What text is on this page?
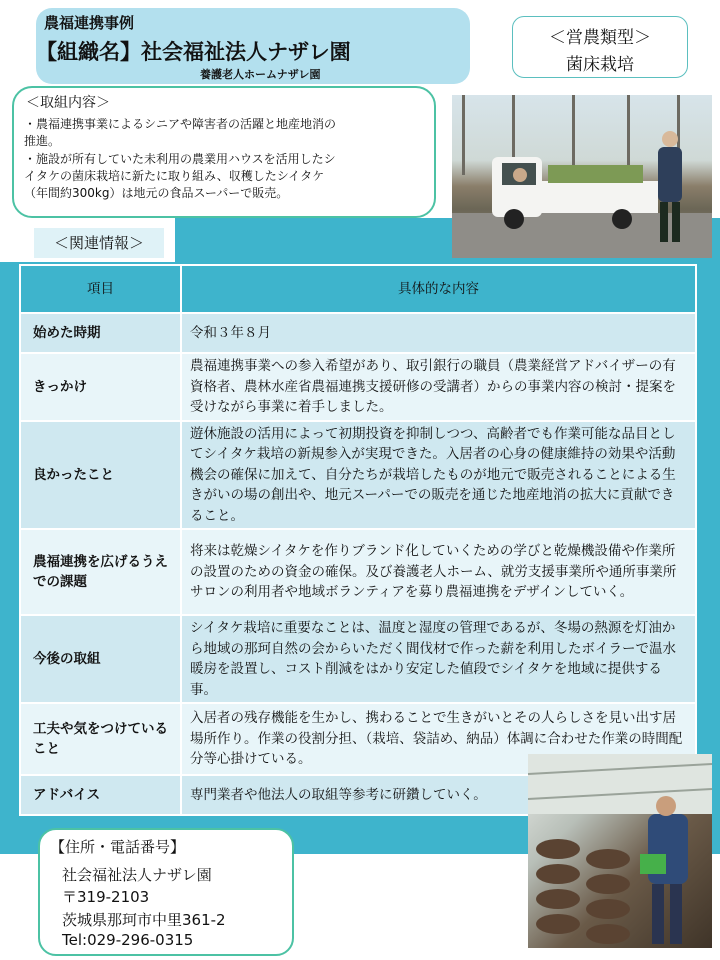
農福連携事例
【組織名】社会福祉法人ナザレ園
養護老人ホームナザレ園
＜営農類型＞
菌床栽培
＜取組内容＞
・農福連携事業によるシニアや障害者の活躍と地産地消の
推進。
・施設が所有していた未利用の農業用ハウスを活用したシ
イタケの菌床栽培に新たに取り組み、収穫したシイタケ
（年間約300kg）は地元の食品スーパーで販売。
＜関連情報＞
項目	具体的な内容
始めた時期	令和３年８月
きっかけ	農福連携事業への参入希望があり、取引銀行の職員（農業経営アドバイザーの有資格者、農林水産省農福連携支援研修の受講者）からの事業内容の検討・提案を受けながら事業に着手しました。
良かったこと	遊休施設の活用によって初期投資を抑制しつつ、高齢者でも作業可能な品目としてシイタケ栽培の新規参入が実現できた。入居者の心身の健康維持の効果や活動機会の確保に加えて、自分たちが栽培したものが地元で販売されることによる生きがいの場の創出や、地元スーパーでの販売を通じた地産地消の拡大に貢献できること。
農福連携を広げるうえでの課題	将来は乾燥シイタケを作りブランド化していくための学びと乾燥機設備や作業所の設置のための資金の確保。及び養護老人ホーム、就労支援事業所や通所事業所サロンの利用者や地域ボランティアを募り農福連携をデザインしていく。
今後の取組	シイタケ栽培に重要なことは、温度と湿度の管理であるが、冬場の熱源を灯油から地域の那珂自然の会からいただく間伐材で作った薪を利用したボイラーで温水暖房を設置し、コスト削減をはかり安定した値段でシイタケを地域に提供する事。
工夫や気をつけていること	入居者の残存機能を生かし、携わることで生きがいとその人らしさを見い出す居場所作り。作業の役割分担、（栽培、袋詰め、納品）体調に合わせた作業の時間配分等心掛けている。
アドバイス	専門業者や他法人の取組等参考に研鑽していく。
【住所・電話番号】
社会福祉法人ナザレ園
〒319-2103
茨城県那珂市中里361-2
Tel:029-296-0315
